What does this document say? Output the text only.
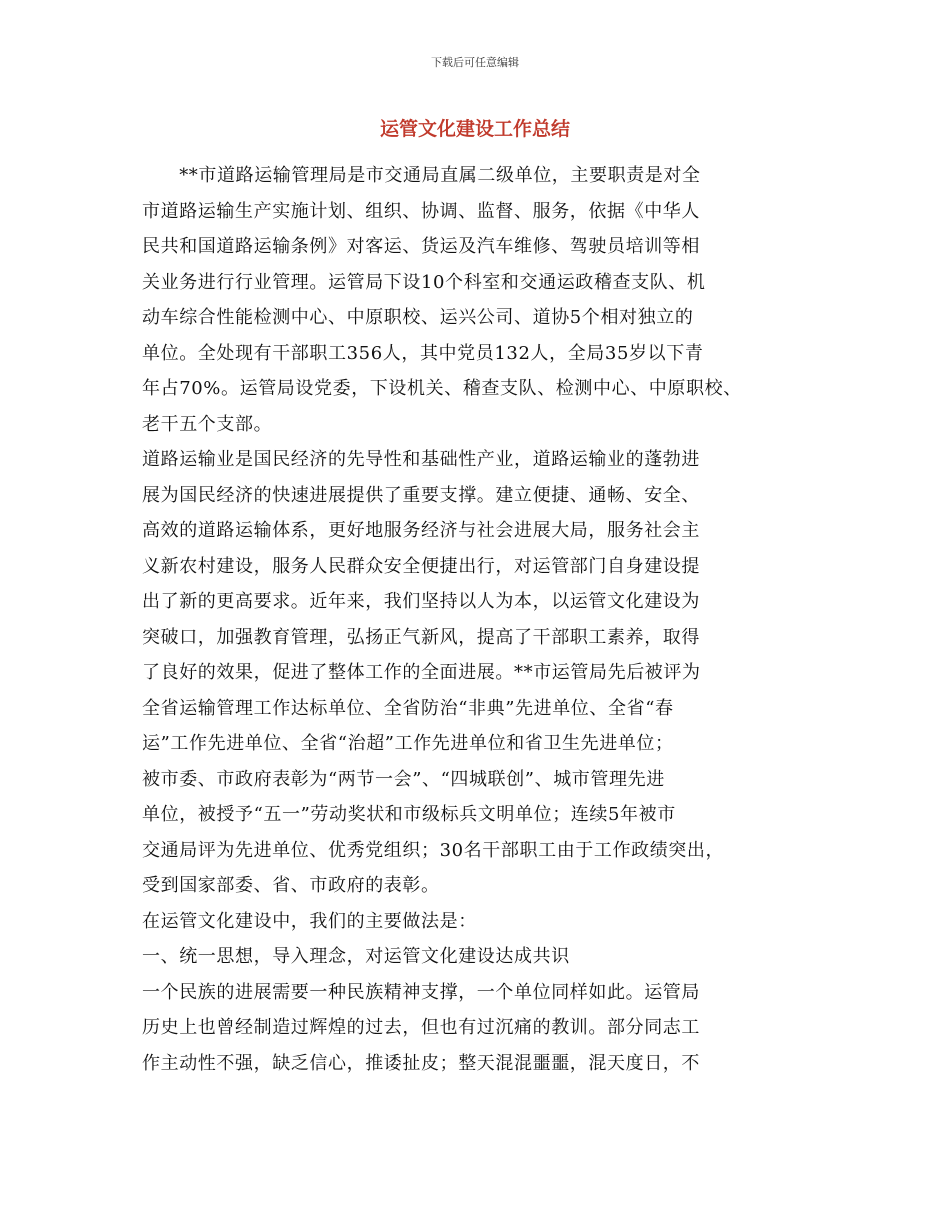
下载后可任意编辑
运管文化建设工作总结
　　**市道路运输管理局是市交通局直属二级单位，主要职责是对全
市道路运输生产实施计划、组织、协调、监督、服务，依据《中华人
民共和国道路运输条例》对客运、货运及汽车维修、驾驶员培训等相
关业务进行行业管理。运管局下设10个科室和交通运政稽查支队、机
动车综合性能检测中心、中原职校、运兴公司、道协5个相对独立的
单位。全处现有干部职工356人，其中党员132人，全局35岁以下青
年占70%。运管局设党委，下设机关、稽查支队、检测中心、中原职校、
老干五个支部。
道路运输业是国民经济的先导性和基础性产业，道路运输业的蓬勃进
展为国民经济的快速进展提供了重要支撑。建立便捷、通畅、安全、
高效的道路运输体系，更好地服务经济与社会进展大局，服务社会主
义新农村建设，服务人民群众安全便捷出行，对运管部门自身建设提
出了新的更高要求。近年来，我们坚持以人为本，以运管文化建设为
突破口，加强教育管理，弘扬正气新风，提高了干部职工素养，取得
了良好的效果，促进了整体工作的全面进展。**市运管局先后被评为
全省运输管理工作达标单位、全省防治“非典”先进单位、全省“春
运”工作先进单位、全省“治超”工作先进单位和省卫生先进单位；
被市委、市政府表彰为“两节一会”、“四城联创”、城市管理先进
单位，被授予“五一”劳动奖状和市级标兵文明单位；连续5年被市
交通局评为先进单位、优秀党组织；30名干部职工由于工作政绩突出，
受到国家部委、省、市政府的表彰。
在运管文化建设中，我们的主要做法是：
一、统一思想，导入理念，对运管文化建设达成共识
一个民族的进展需要一种民族精神支撑，一个单位同样如此。运管局
历史上也曾经制造过辉煌的过去，但也有过沉痛的教训。部分同志工
作主动性不强，缺乏信心，推诿扯皮；整天混混噩噩，混天度日，不
